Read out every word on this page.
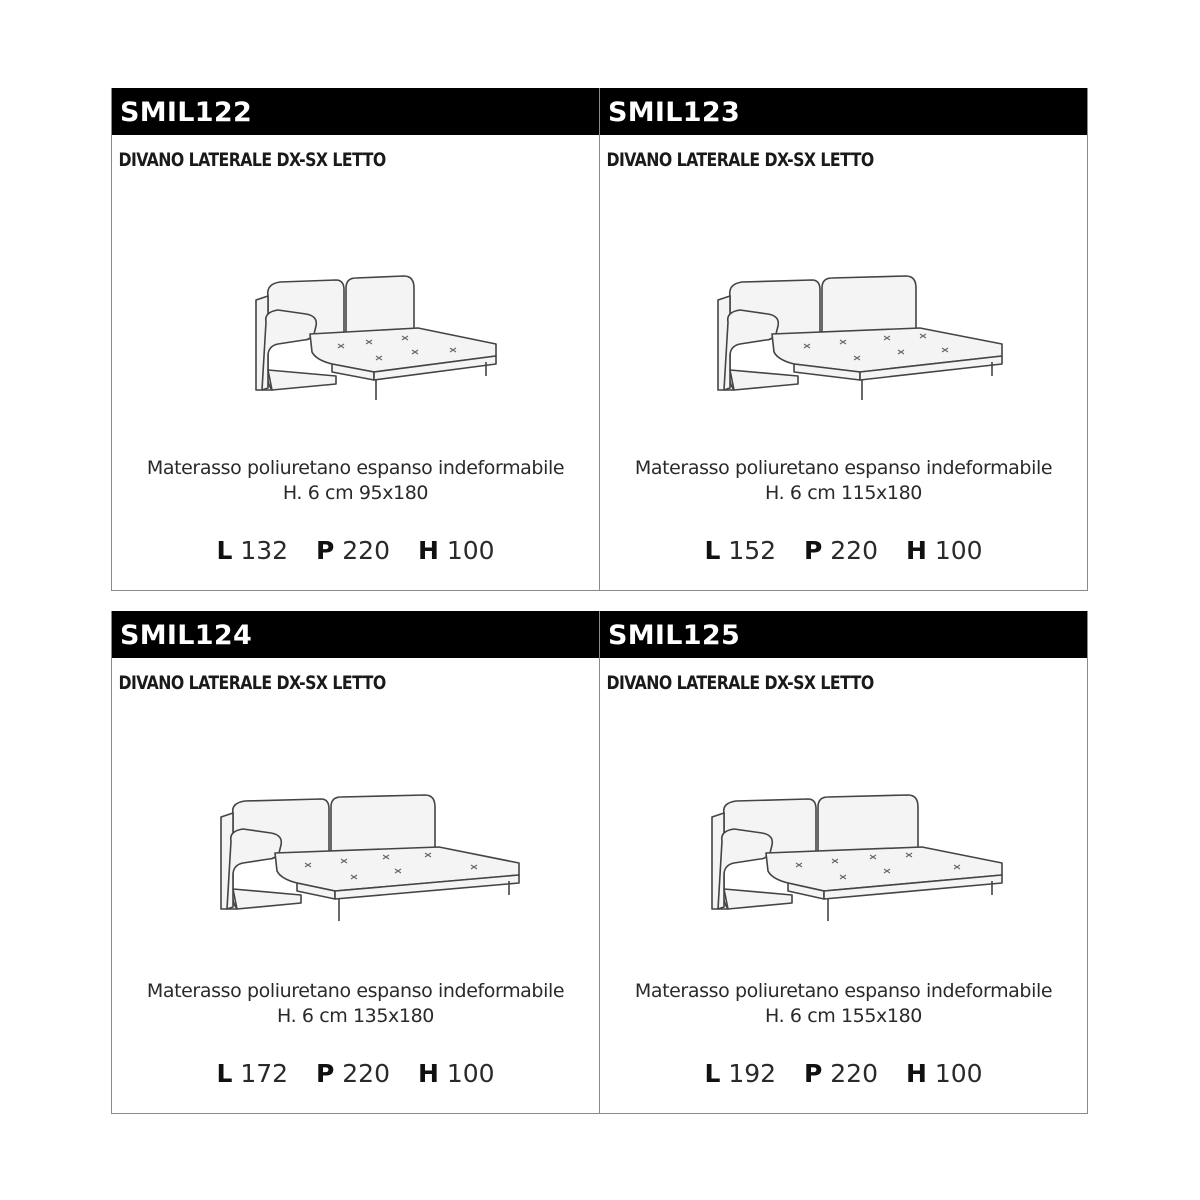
SMIL122
DIVANO LATERALE DX-SX LETTO
Materasso poliuretano espanso indeformabile
H. 6 cm 95x180
L 132 P 220 H 100
SMIL123
DIVANO LATERALE DX-SX LETTO
Materasso poliuretano espanso indeformabile
H. 6 cm 115x180
L 152 P 220 H 100
SMIL124
DIVANO LATERALE DX-SX LETTO
Materasso poliuretano espanso indeformabile
H. 6 cm 135x180
L 172 P 220 H 100
SMIL125
DIVANO LATERALE DX-SX LETTO
Materasso poliuretano espanso indeformabile
H. 6 cm 155x180
L 192 P 220 H 100
